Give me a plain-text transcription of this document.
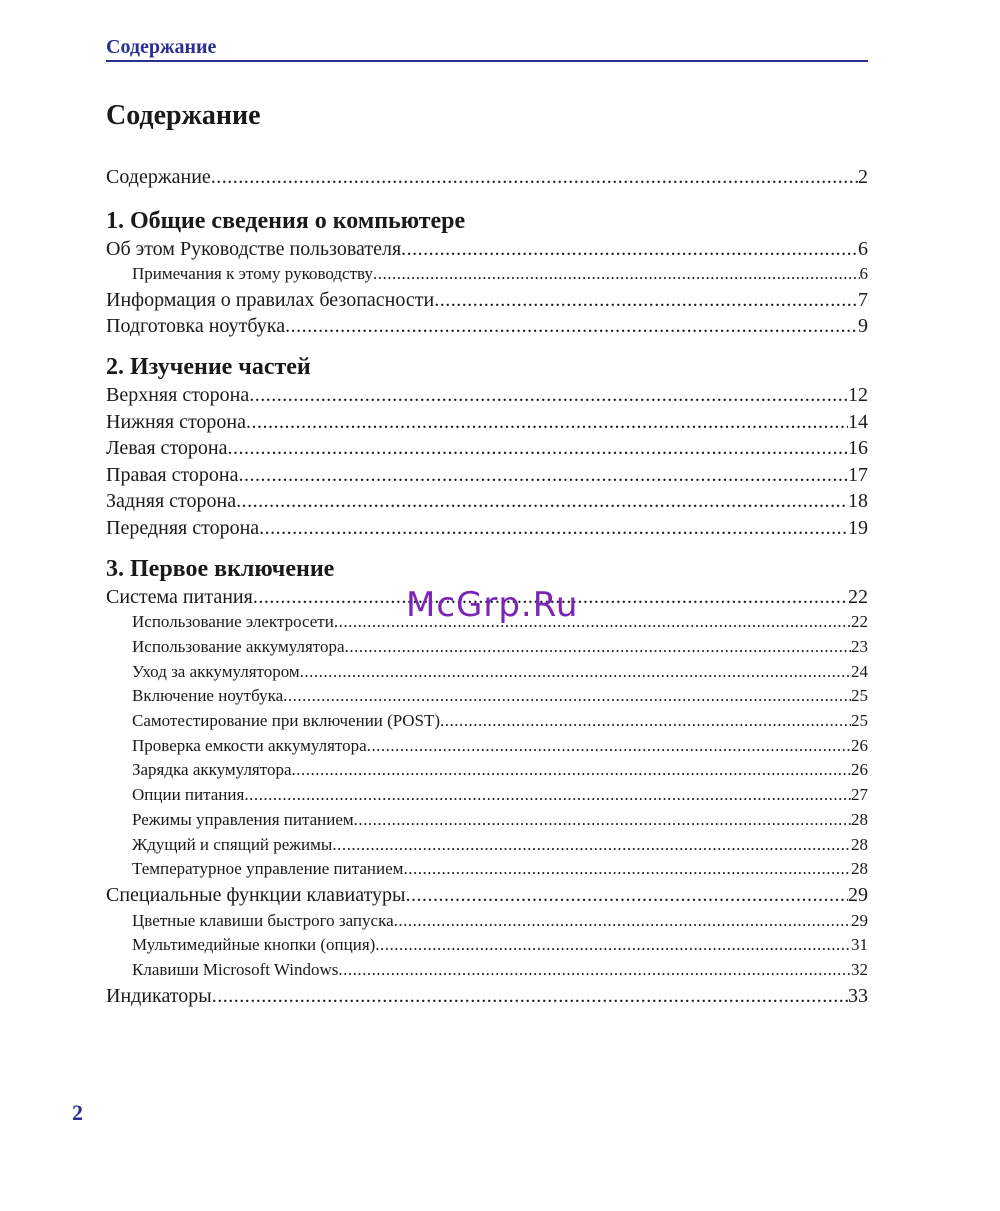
Содержание
Содержание
Содержание .....	2
1. Общие сведения о компьютере
Об этом Руководстве пользователя .....	6
Примечания к этому руководству .....	6
Информация о правилах безопасности .....	7
Подготовка ноутбука .....	9
2. Изучение частей
Верхняя сторона .....	12
Нижняя сторона .....	14
Левая сторона .....	16
Правая сторона .....	17
Задняя сторона .....	18
Передняя сторона .....	19
3. Первое включение
Система питания .....	22
Использование электросети .....	22
Использование аккумулятора .....	23
Уход за аккумулятором .....	24
Включение ноутбука .....	25
Самотестирование при включении (POST) .....	25
Проверка емкости аккумулятора .....	26
Зарядка аккумулятора .....	26
Опции питания .....	27
Режимы управления питанием .....	28
Ждущий и спящий режимы .....	28
Температурное управление питанием .....	28
Специальные функции клавиатуры .....	29
Цветные клавиши быстрого запуска .....	29
Мультимедийные кнопки (опция) .....	31
Клавиши Microsoft Windows .....	32
Индикаторы .....	33
McGrp.Ru
2
